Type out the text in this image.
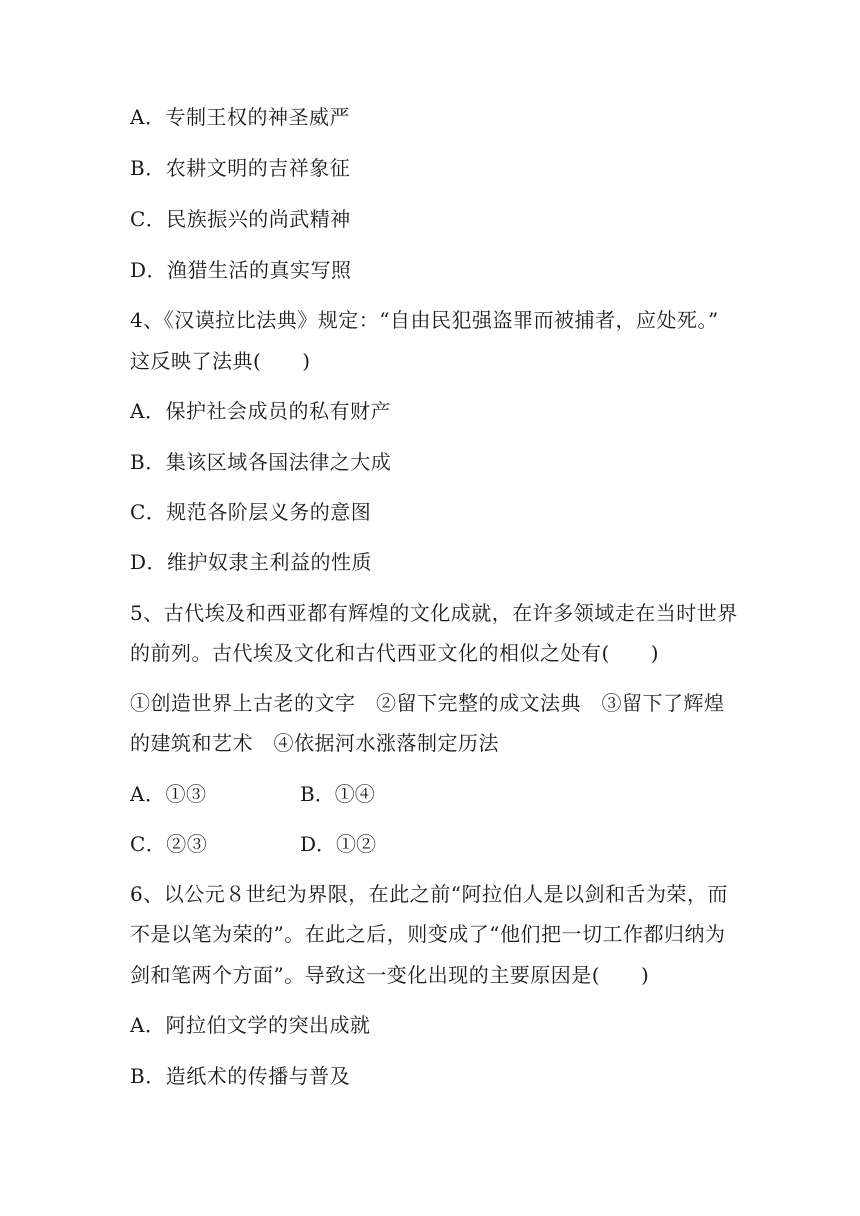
A．专制王权的神圣威严
B．农耕文明的吉祥象征
C．民族振兴的尚武精神
D．渔猎生活的真实写照
4、《汉谟拉比法典》规定：“自由民犯强盗罪而被捕者，应处死。”
这反映了法典(　　)
A．保护社会成员的私有财产
B．集该区域各国法律之大成
C．规范各阶层义务的意图
D．维护奴隶主利益的性质
5、古代埃及和西亚都有辉煌的文化成就，在许多领域走在当时世界
的前列。古代埃及文化和古代西亚文化的相似之处有(　　)
①创造世界上古老的文字　②留下完整的成文法典　③留下了辉煌
的建筑和艺术　④依据河水涨落制定历法
A．①③	B．①④
C．②③	D．①②
6、以公元８世纪为界限，在此之前“阿拉伯人是以剑和舌为荣，而
不是以笔为荣的”。在此之后，则变成了“他们把一切工作都归纳为
剑和笔两个方面”。导致这一变化出现的主要原因是(　　)
A．阿拉伯文学的突出成就
B．造纸术的传播与普及
